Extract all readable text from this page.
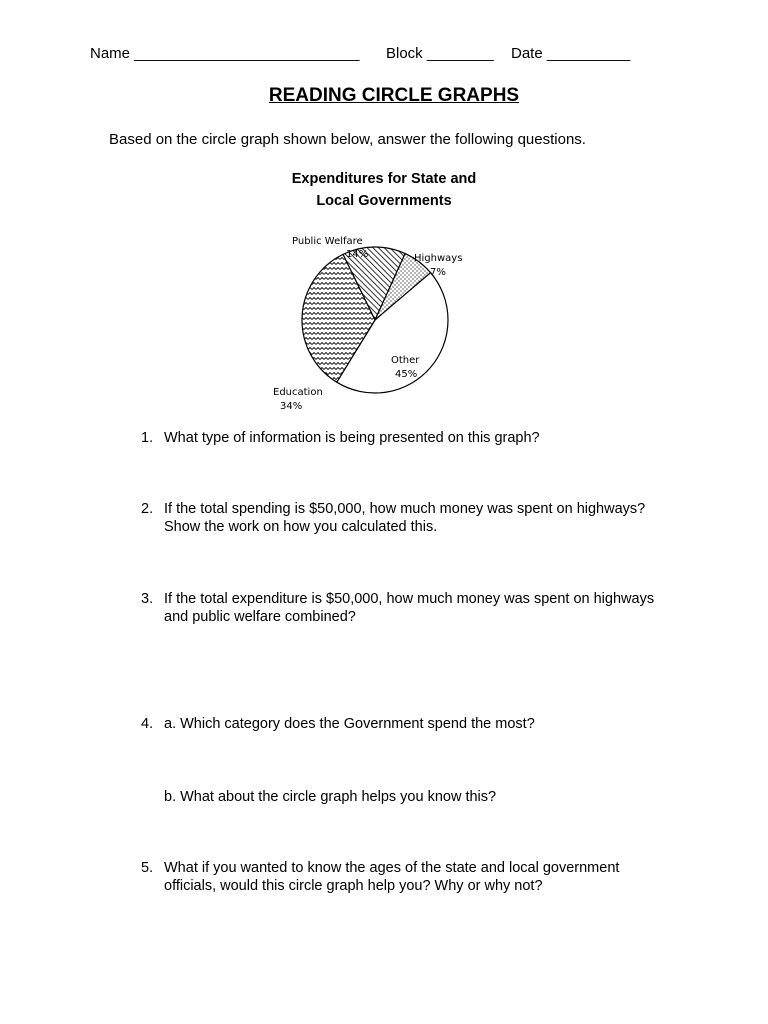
Name ___________________________ Block ________ Date __________
READING CIRCLE GRAPHS
Based on the circle graph shown below, answer the following questions.
Expenditures for State and
Local Governments
Public Welfare
14%	Highways
7%
Other
45%
Education
34%
1. What type of information is being presented on this graph?
2. If the total spending is $50,000, how much money was spent on highways?
Show the work on how you calculated this.
3. If the total expenditure is $50,000, how much money was spent on highways
and public welfare combined?
4. a. Which category does the Government spend the most?
b. What about the circle graph helps you know this?
5. What if you wanted to know the ages of the state and local government
officials, would this circle graph help you? Why or why not?
